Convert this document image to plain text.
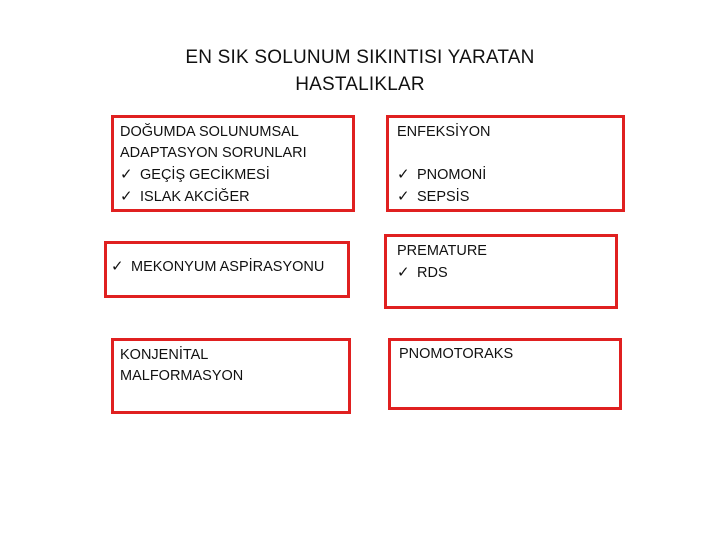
EN SIK SOLUNUM SIKINTISI YARATAN
HASTALIKLAR
DOĞUMDA SOLUNUMSAL
ADAPTASYON SORUNLARI
✓ GEÇİŞ GECİKMESİ
✓ ISLAK AKCİĞER
ENFEKSİYON
✓ PNOMONİ
✓ SEPSİS
✓ MEKONYUM ASPİRASYONU
PREMATURE
✓ RDS
KONJENİTAL
MALFORMASYON
PNOMOTORAKS
